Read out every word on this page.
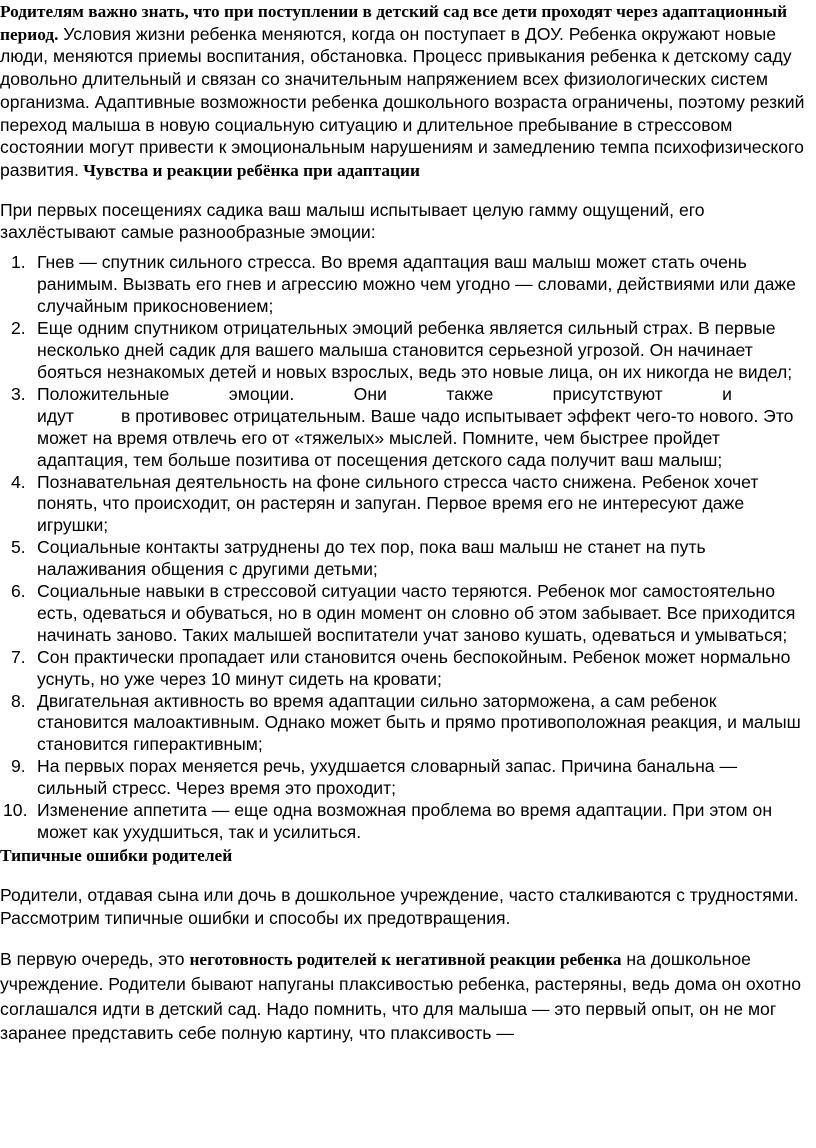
Родителям важно знать, что при поступлении в детский сад все дети проходят через адаптационный период. Условия жизни ребенка меняются, когда он поступает в ДОУ. Ребенка окружают новые люди, меняются приемы воспитания, обстановка. Процесс привыкания ребенка к детскому саду довольно длительный и связан со значительным напряжением всех физиологических систем организма. Адаптивные возможности ребенка дошкольного возраста ограничены, поэтому резкий переход малыша в новую социальную ситуацию и длительное пребывание в стрессовом состоянии могут привести к эмоциональным нарушениям и замедлению темпа психофизического развития. Чувства и реакции ребёнка при адаптации

При первых посещениях садика ваш малыш испытывает целую гамму ощущений, его захлёстывают самые разнообразные эмоции:

1. Гнев — спутник сильного стресса. Во время адаптация ваш малыш может стать очень ранимым. Вызвать его гнев и агрессию можно чем угодно — словами, действиями или даже случайным прикосновением;
2. Еще одним спутником отрицательных эмоций ребенка является сильный страх. В первые несколько дней садик для вашего малыша становится серьезной угрозой. Он начинает бояться незнакомых детей и новых взрослых, ведь это новые лица, он их никогда не видел;
3. Положительные	эмоции.	Они	также	присутствуют	и
идут	в противовес отрицательным. Ваше чадо испытывает эффект чего-то нового. Это может на время отвлечь его от «тяжелых» мыслей. Помните, чем быстрее пройдет адаптация, тем больше позитива от посещения детского сада получит ваш малыш;
4. Познавательная деятельность на фоне сильного стресса часто снижена. Ребенок хочет понять, что происходит, он растерян и запуган. Первое время его не интересуют даже игрушки;
5. Социальные контакты затруднены до тех пор, пока ваш малыш не станет на путь налаживания общения с другими детьми;
6. Социальные навыки в стрессовой ситуации часто теряются. Ребенок мог самостоятельно есть, одеваться и обуваться, но в один момент он словно об этом забывает. Все приходится начинать заново. Таких малышей воспитатели учат заново кушать, одеваться и умываться;
7. Сон практически пропадает или становится очень беспокойным. Ребенок может нормально уснуть, но уже через 10 минут сидеть на кровати;
8. Двигательная активность во время адаптации сильно заторможена, а сам ребенок становится малоактивным. Однако может быть и прямо противоположная реакция, и малыш становится гиперактивным;
9. На первых порах меняется речь, ухудшается словарный запас. Причина банальна — сильный стресс. Через время это проходит;
10. Изменение аппетита — еще одна возможная проблема во время адаптации. При этом он может как ухудшиться, так и усилиться.

Типичные ошибки родителей

Родители, отдавая сына или дочь в дошкольное учреждение, часто сталкиваются с трудностями. Рассмотрим типичные ошибки и способы их предотвращения.

В первую очередь, это неготовность родителей к негативной реакции ребенка на дошкольное учреждение. Родители бывают напуганы плаксивостью ребенка, растеряны, ведь дома он охотно соглашался идти в детский сад. Надо помнить, что для малыша — это первый опыт, он не мог заранее представить себе полную картину, что плаксивость —
